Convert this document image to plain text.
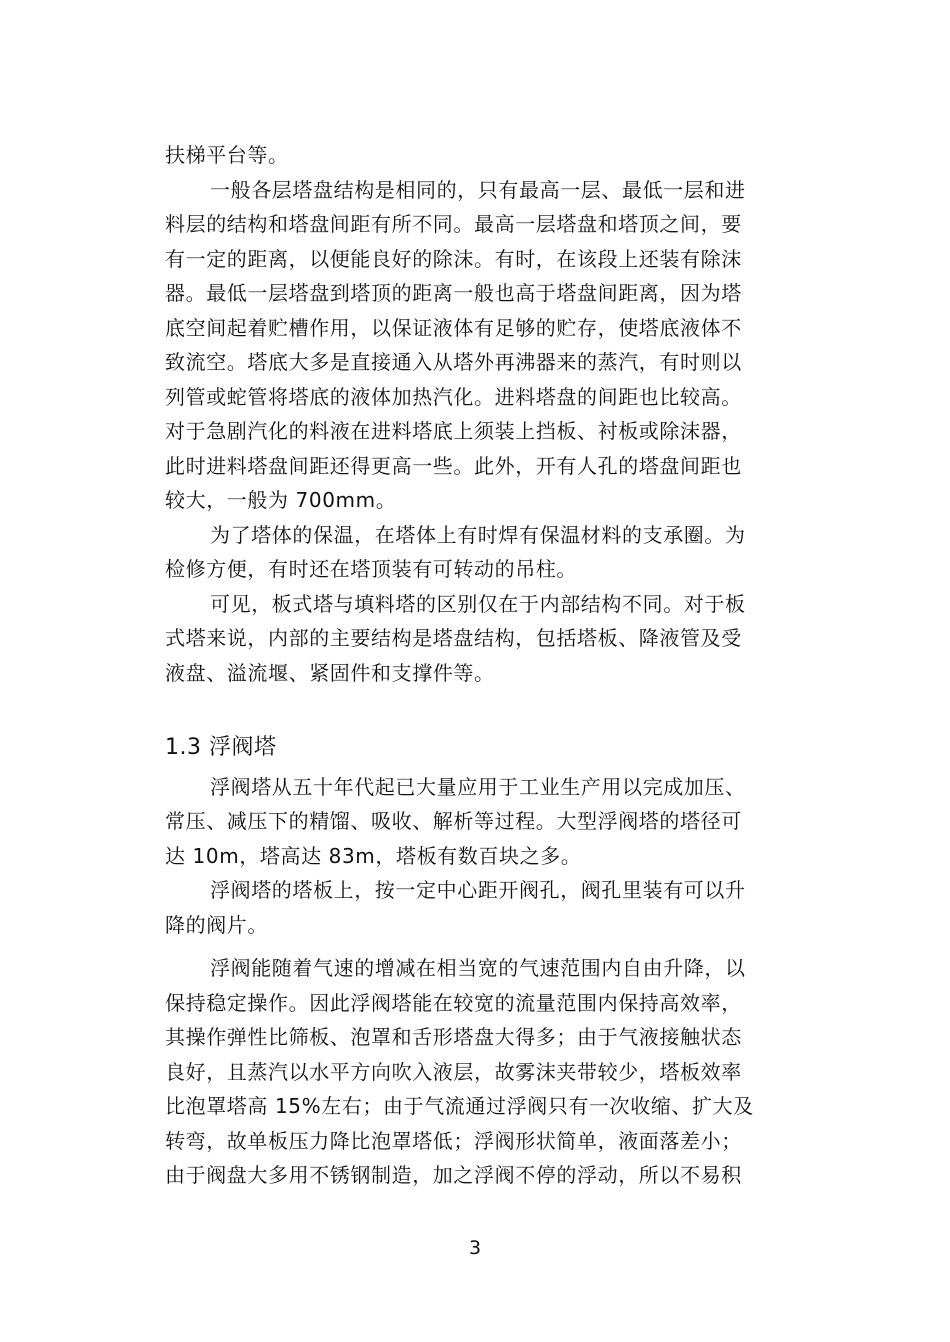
扶梯平台等。
一般各层塔盘结构是相同的，只有最高一层、最低一层和进
料层的结构和塔盘间距有所不同。最高一层塔盘和塔顶之间，要
有一定的距离，以便能良好的除沫。有时，在该段上还装有除沫
器。最低一层塔盘到塔顶的距离一般也高于塔盘间距离，因为塔
底空间起着贮槽作用，以保证液体有足够的贮存，使塔底液体不
致流空。塔底大多是直接通入从塔外再沸器来的蒸汽，有时则以
列管或蛇管将塔底的液体加热汽化。进料塔盘的间距也比较高。
对于急剧汽化的料液在进料塔底上须装上挡板、衬板或除沫器，
此时进料塔盘间距还得更高一些。此外，开有人孔的塔盘间距也
较大，一般为 700mm。
为了塔体的保温，在塔体上有时焊有保温材料的支承圈。为
检修方便，有时还在塔顶装有可转动的吊柱。
可见，板式塔与填料塔的区别仅在于内部结构不同。对于板
式塔来说，内部的主要结构是塔盘结构，包括塔板、降液管及受
液盘、溢流堰、紧固件和支撑件等。
1.3 浮阀塔
浮阀塔从五十年代起已大量应用于工业生产用以完成加压、
常压、减压下的精馏、吸收、解析等过程。大型浮阀塔的塔径可
达 10m，塔高达 83m，塔板有数百块之多。
浮阀塔的塔板上，按一定中心距开阀孔，阀孔里装有可以升
降的阀片。
浮阀能随着气速的增减在相当宽的气速范围内自由升降，以
保持稳定操作。因此浮阀塔能在较宽的流量范围内保持高效率，
其操作弹性比筛板、泡罩和舌形塔盘大得多；由于气液接触状态
良好，且蒸汽以水平方向吹入液层，故雾沫夹带较少，塔板效率
比泡罩塔高 15%左右；由于气流通过浮阀只有一次收缩、扩大及
转弯，故单板压力降比泡罩塔低；浮阀形状简单，液面落差小；
由于阀盘大多用不锈钢制造，加之浮阀不停的浮动，所以不易积
3
